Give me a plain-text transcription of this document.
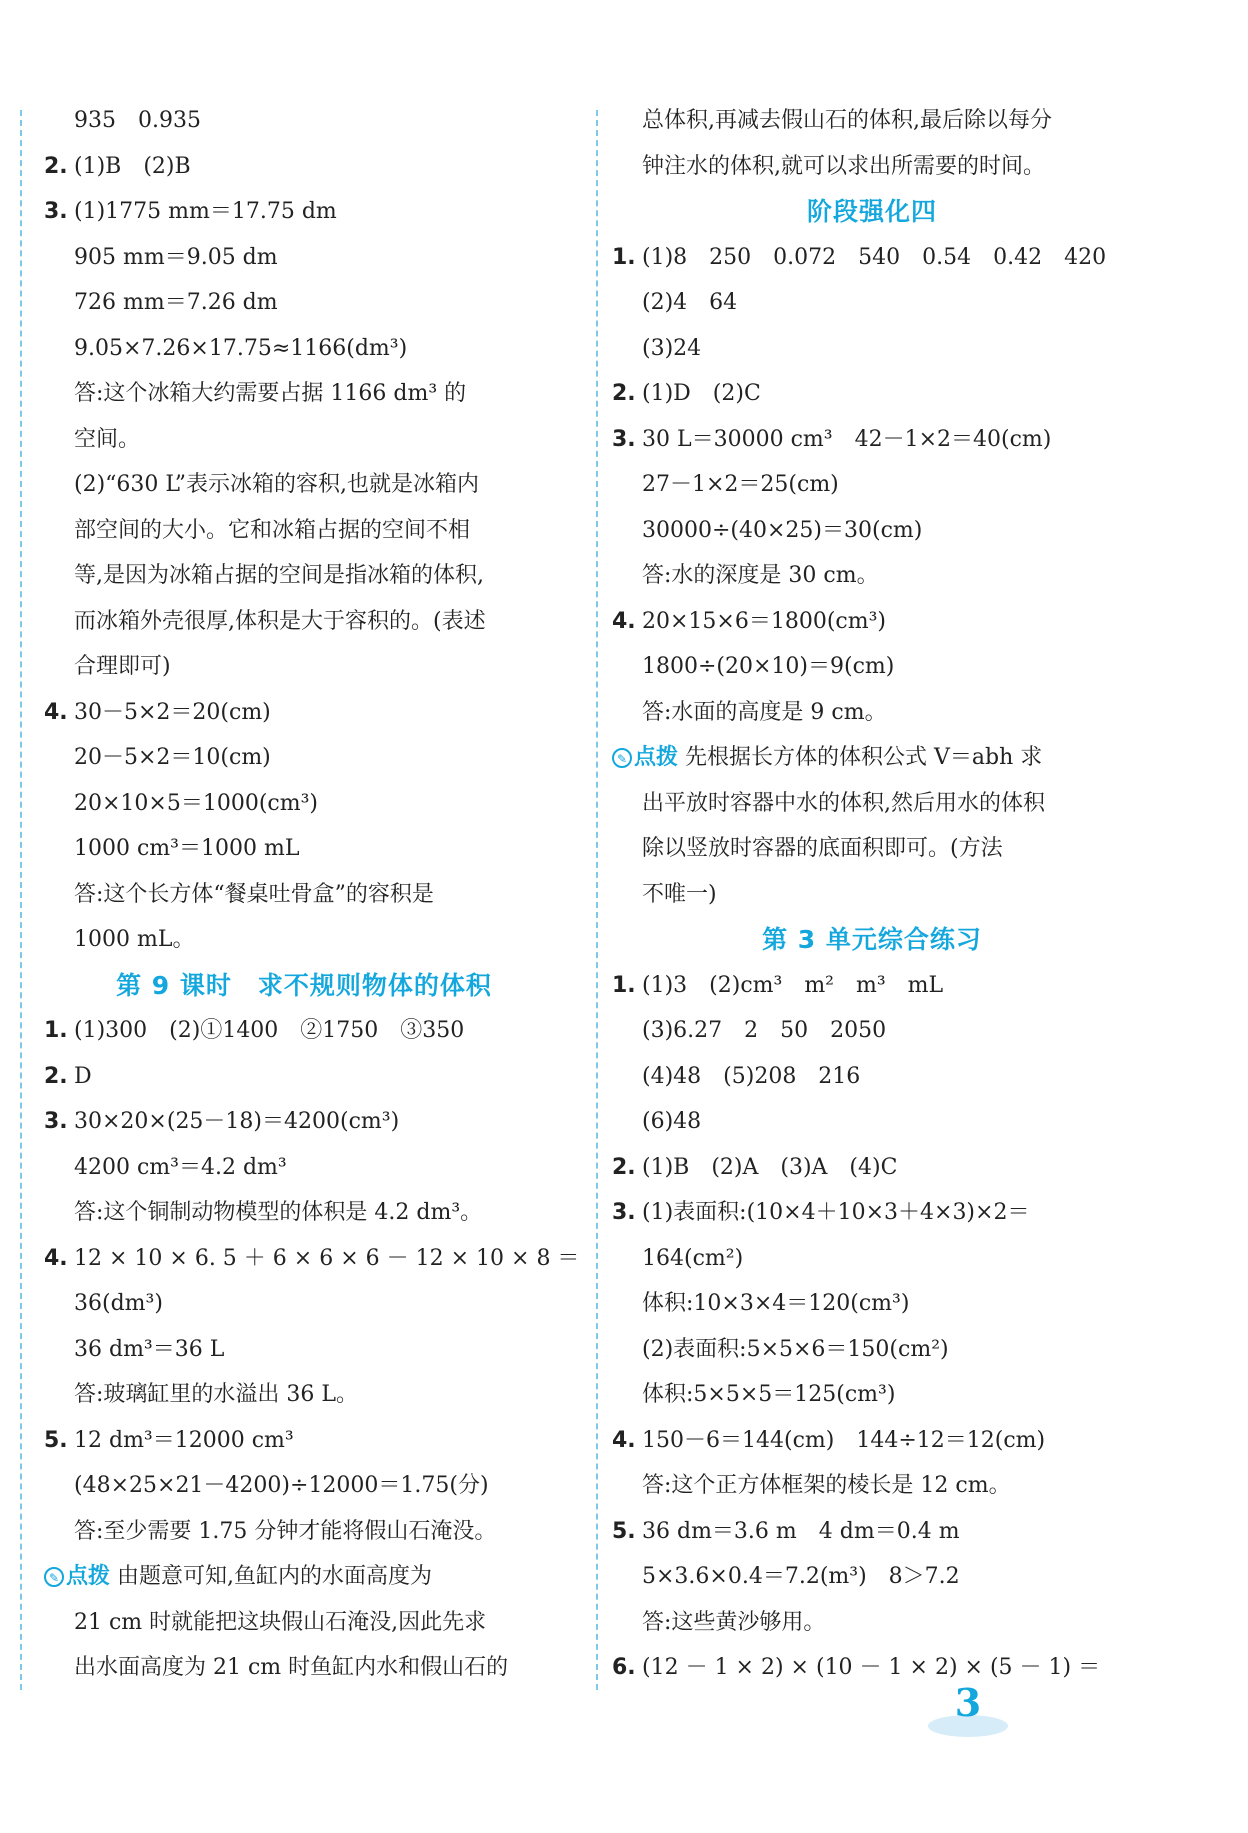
935　0.935
2. (1)B　(2)B
3. (1)1775 mm＝17.75 dm
905 mm＝9.05 dm
726 mm＝7.26 dm
9.05×7.26×17.75≈1166(dm³)
答:这个冰箱大约需要占据 1166 dm³ 的
空间。
(2)“630 L”表示冰箱的容积,也就是冰箱内
部空间的大小。它和冰箱占据的空间不相
等,是因为冰箱占据的空间是指冰箱的体积,
而冰箱外壳很厚,体积是大于容积的。(表述
合理即可)
4. 30－5×2＝20(cm)
20－5×2＝10(cm)
20×10×5＝1000(cm³)
1000 cm³＝1000 mL
答:这个长方体“餐桌吐骨盒”的容积是
1000 mL。
第 9 课时　求不规则物体的体积
1. (1)300　(2)①1400　②1750　③350
2. D
3. 30×20×(25－18)＝4200(cm³)
4200 cm³＝4.2 dm³
答:这个铜制动物模型的体积是 4.2 dm³。
4. 12 × 10 × 6. 5 ＋ 6 × 6 × 6 － 12 × 10 × 8 ＝
36(dm³)
36 dm³＝36 L
答:玻璃缸里的水溢出 36 L。
5. 12 dm³＝12000 cm³
(48×25×21－4200)÷12000＝1.75(分)
答:至少需要 1.75 分钟才能将假山石淹没。
✎ 点拨 由题意可知,鱼缸内的水面高度为
21 cm 时就能把这块假山石淹没,因此先求
出水面高度为 21 cm 时鱼缸内水和假山石的
总体积,再减去假山石的体积,最后除以每分
钟注水的体积,就可以求出所需要的时间。
阶段强化四
1. (1)8　250　0.072　540　0.54　0.42　420
(2)4　64
(3)24
2. (1)D　(2)C
3. 30 L＝30000 cm³　42－1×2＝40(cm)
27－1×2＝25(cm)
30000÷(40×25)＝30(cm)
答:水的深度是 30 cm。
4. 20×15×6＝1800(cm³)
1800÷(20×10)＝9(cm)
答:水面的高度是 9 cm。
✎ 点拨 先根据长方体的体积公式 V＝abh 求
出平放时容器中水的体积,然后用水的体积
除以竖放时容器的底面积即可。(方法
不唯一)
第 3 单元综合练习
1. (1)3　(2)cm³　m²　m³　mL
(3)6.27　2　50　2050
(4)48　(5)208　216
(6)48
2. (1)B　(2)A　(3)A　(4)C
3. (1)表面积:(10×4＋10×3＋4×3)×2＝
164(cm²)
体积:10×3×4＝120(cm³)
(2)表面积:5×5×6＝150(cm²)
体积:5×5×5＝125(cm³)
4. 150－6＝144(cm)　144÷12＝12(cm)
答:这个正方体框架的棱长是 12 cm。
5. 36 dm＝3.6 m　4 dm＝0.4 m
5×3.6×0.4＝7.2(m³)　8＞7.2
答:这些黄沙够用。
6. (12 － 1 × 2) × (10 － 1 × 2) × (5 － 1) ＝
3
